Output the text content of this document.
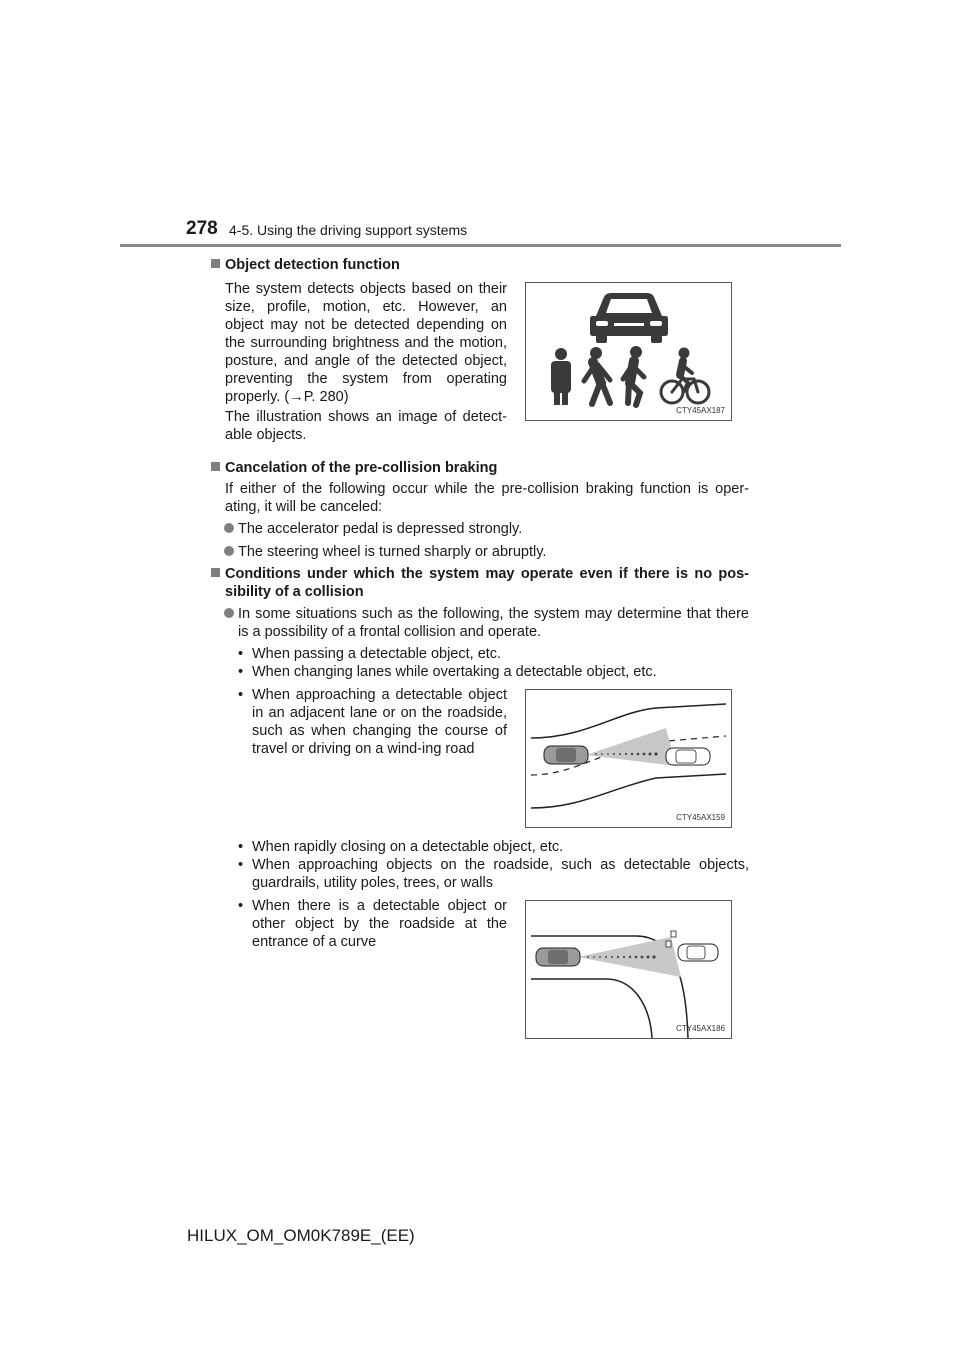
278 4-5. Using the driving support systems
Object detection function
The system detects objects based on their size, profile, motion, etc. However, an object may not be detected depending on the surrounding brightness and the motion, posture, and angle of the detected object, preventing the system from operating properly. (→P. 280)
The illustration shows an image of detect-able objects.
CTY45AX187
Cancelation of the pre-collision braking
If either of the following occur while the pre-collision braking function is oper-ating, it will be canceled:
The accelerator pedal is depressed strongly.
The steering wheel is turned sharply or abruptly.
Conditions under which the system may operate even if there is no pos-
sibility of a collision
In some situations such as the following, the system may determine that there is a possibility of a frontal collision and operate.
• When passing a detectable object, etc.
• When changing lanes while overtaking a detectable object, etc.
• When approaching a detectable object in an adjacent lane or on the roadside, such as when changing the course of travel or driving on a wind-ing road
CTY45AX159
• When rapidly closing on a detectable object, etc.
• When approaching objects on the roadside, such as detectable objects, guardrails, utility poles, trees, or walls
• When there is a detectable object or other object by the roadside at the entrance of a curve
CTY45AX186
HILUX_OM_OM0K789E_(EE)
